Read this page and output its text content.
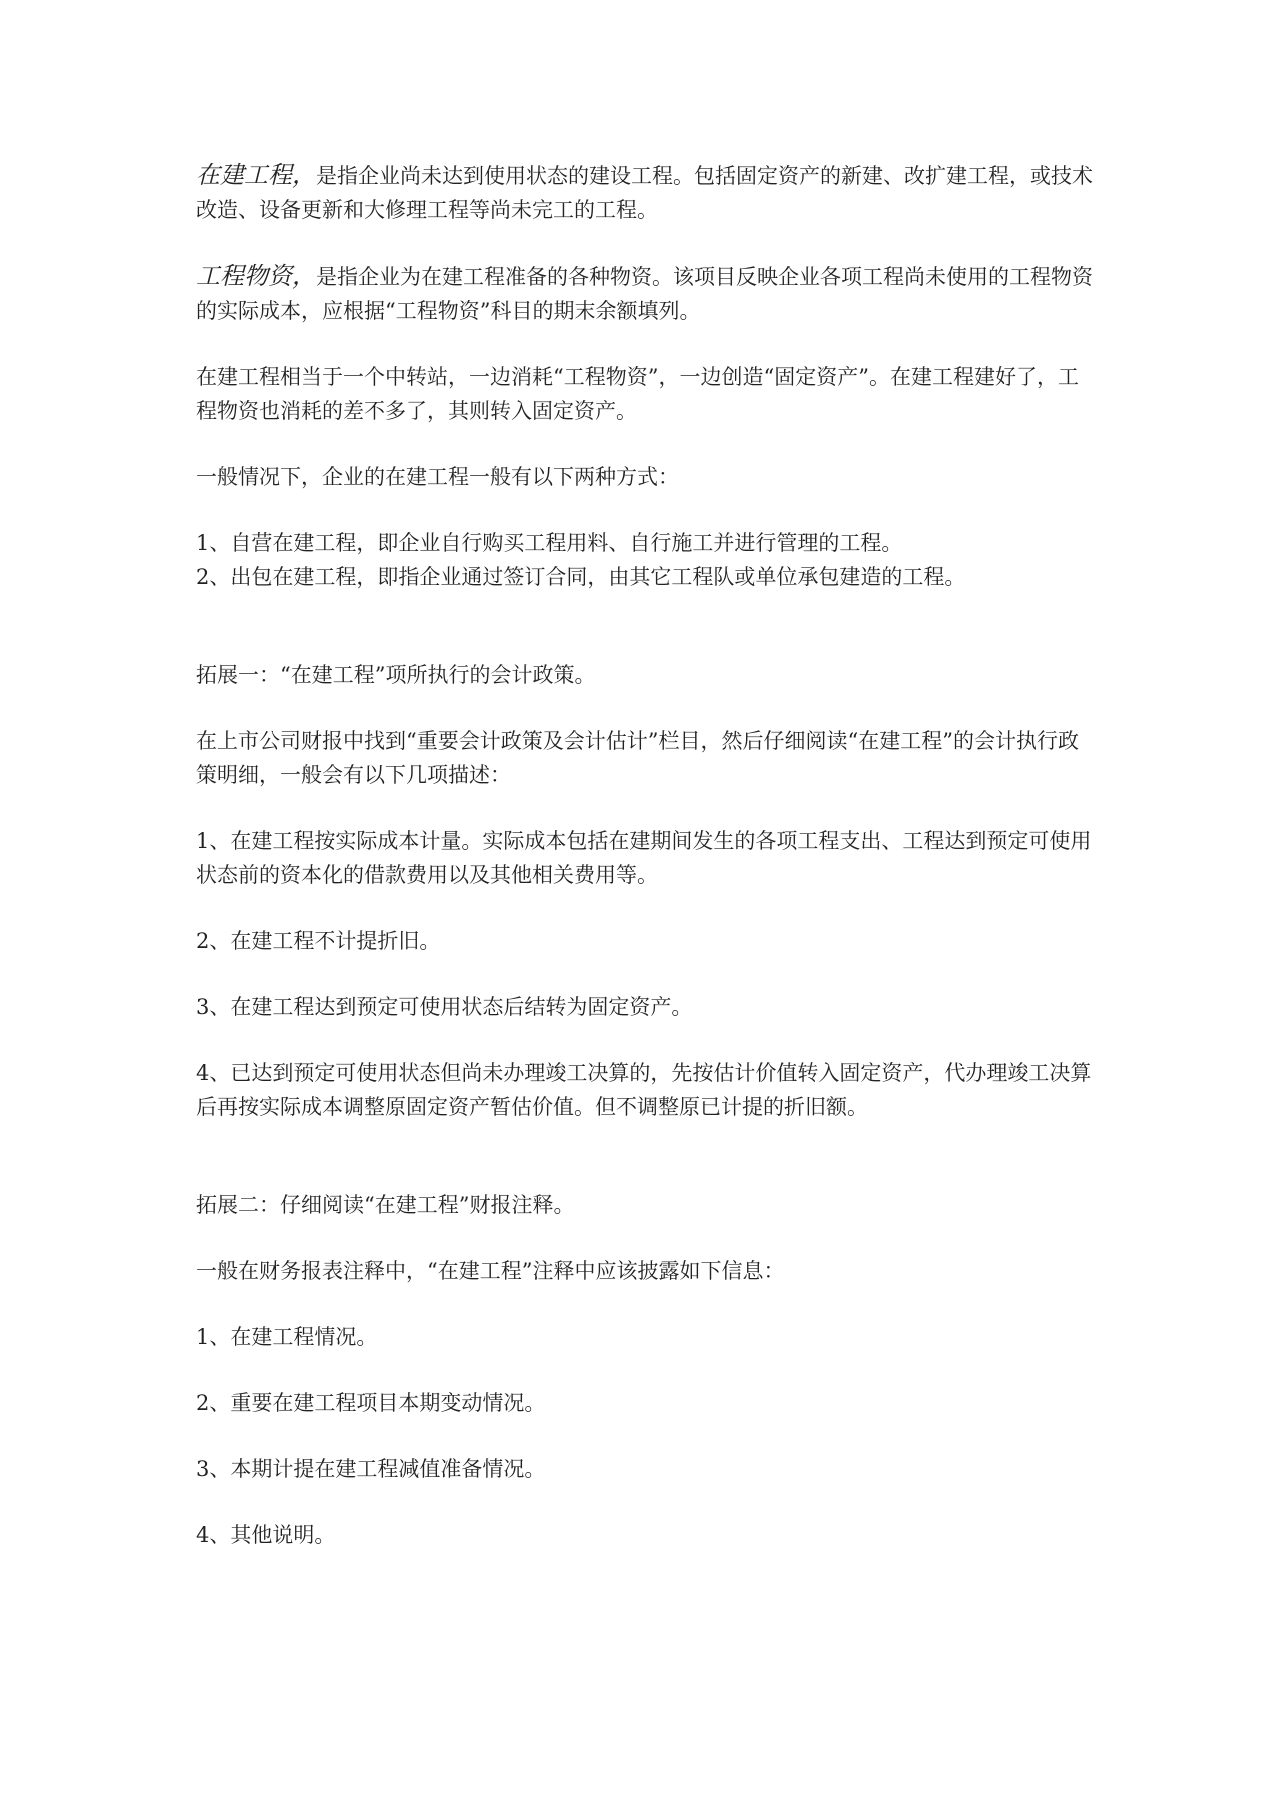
在建工程，是指企业尚未达到使用状态的建设工程。包括固定资产的新建、改扩建工程，或技术改造、设备更新和大修理工程等尚未完工的工程。

工程物资，是指企业为在建工程准备的各种物资。该项目反映企业各项工程尚未使用的工程物资的实际成本，应根据“工程物资”科目的期末余额填列。

在建工程相当于一个中转站，一边消耗“工程物资”，一边创造“固定资产”。在建工程建好了，工程物资也消耗的差不多了，其则转入固定资产。

一般情况下，企业的在建工程一般有以下两种方式：

1、自营在建工程，即企业自行购买工程用料、自行施工并进行管理的工程。

2、出包在建工程，即指企业通过签订合同，由其它工程队或单位承包建造的工程。

拓展一：“在建工程”项所执行的会计政策。

在上市公司财报中找到“重要会计政策及会计估计”栏目，然后仔细阅读“在建工程”的会计执行政策明细，一般会有以下几项描述：

1、在建工程按实际成本计量。实际成本包括在建期间发生的各项工程支出、工程达到预定可使用状态前的资本化的借款费用以及其他相关费用等。

2、在建工程不计提折旧。

3、在建工程达到预定可使用状态后结转为固定资产。

4、已达到预定可使用状态但尚未办理竣工决算的，先按估计价值转入固定资产，代办理竣工决算后再按实际成本调整原固定资产暂估价值。但不调整原已计提的折旧额。

拓展二：仔细阅读“在建工程”财报注释。

一般在财务报表注释中，“在建工程”注释中应该披露如下信息：

1、在建工程情况。

2、重要在建工程项目本期变动情况。

3、本期计提在建工程减值准备情况。

4、其他说明。
